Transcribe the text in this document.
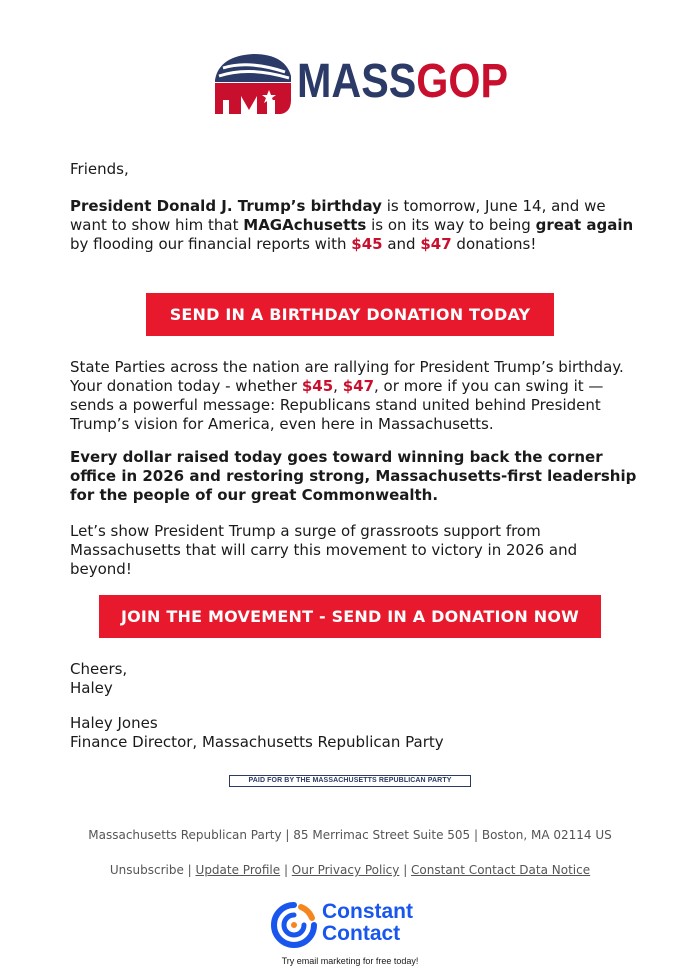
MASSGOP
Friends,
President Donald J. Trump’s birthday is tomorrow, June 14, and we want to show him that MAGAchusetts is on its way to being great again by flooding our financial reports with $45 and $47 donations!
SEND IN A BIRTHDAY DONATION TODAY
State Parties across the nation are rallying for President Trump’s birthday. Your donation today - whether $45, $47, or more if you can swing it — sends a powerful message: Republicans stand united behind President Trump’s vision for America, even here in Massachusetts.
Every dollar raised today goes toward winning back the corner office in 2026 and restoring strong, Massachusetts-first leadership for the people of our great Commonwealth.
Let’s show President Trump a surge of grassroots support from Massachusetts that will carry this movement to victory in 2026 and beyond!
JOIN THE MOVEMENT - SEND IN A DONATION NOW
Cheers,
Haley
Haley Jones
Finance Director, Massachusetts Republican Party
PAID FOR BY THE MASSACHUSETTS REPUBLICAN PARTY
Massachusetts Republican Party | 85 Merrimac Street Suite 505 | Boston, MA 02114 US
Unsubscribe | Update Profile | Our Privacy Policy | Constant Contact Data Notice
Constant
Contact
Try email marketing for free today!
